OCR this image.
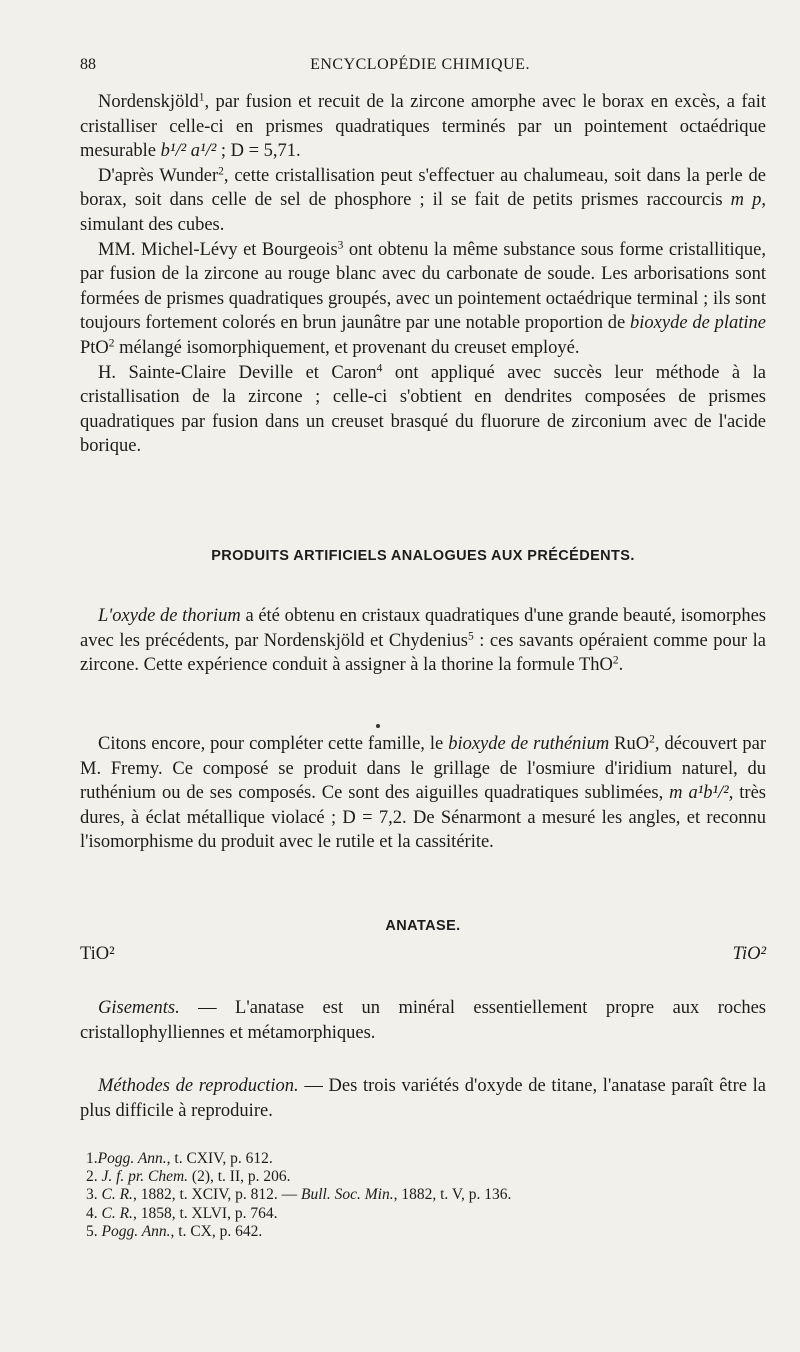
88	ENCYCLOPÉDIE CHIMIQUE.

Nordenskjöld$^1$, par fusion et recuit de la zircone amorphe avec le borax en excès, a fait cristalliser celle-ci en prismes quadratiques terminés par un pointement octaédrique mesurable b¹/² a¹/² ; D = 5,71.

D'après Wunder$^2$, cette cristallisation peut s'effectuer au chalumeau, soit dans la perle de borax, soit dans celle de sel de phosphore ; il se fait de petits prismes raccourcis m p, simulant des cubes.

MM. Michel-Lévy et Bourgeois$^3$ ont obtenu la même substance sous forme cristallitique, par fusion de la zircone au rouge blanc avec du carbonate de soude. Les arborisations sont formées de prismes quadratiques groupés, avec un pointement octaédrique terminal ; ils sont toujours fortement colorés en brun jaunâtre par une notable proportion de bioxyde de platine PtO$^2$ mélangé isomorphiquement, et provenant du creuset employé.

H. Sainte-Claire Deville et Caron$^4$ ont appliqué avec succès leur méthode à la cristallisation de la zircone ; celle-ci s'obtient en dendrites composées de prismes quadratiques par fusion dans un creuset brasqué du fluorure de zirconium avec de l'acide borique.

PRODUITS ARTIFICIELS ANALOGUES AUX PRÉCÉDENTS.

L'oxyde de thorium a été obtenu en cristaux quadratiques d'une grande beauté, isomorphes avec les précédents, par Nordenskjöld et Chydenius$^5$ : ces savants opéraient comme pour la zircone. Cette expérience conduit à assigner à la thorine la formule ThO$^2$.

Citons encore, pour compléter cette famille, le bioxyde de ruthénium RuO$^2$, découvert par M. Fremy. Ce composé se produit dans le grillage de l'osmiure d'iridium naturel, du ruthénium ou de ses composés. Ce sont des aiguilles quadratiques sublimées, m a¹b¹/², très dures, à éclat métallique violacé ; D = 7,2. De Sénarmont a mesuré les angles, et reconnu l'isomorphisme du produit avec le rutile et la cassitérite.

ANATASE.
TiO²	TiO²

Gisements. — L'anatase est un minéral essentiellement propre aux roches cristallophylliennes et métamorphiques.

Méthodes de reproduction. — Des trois variétés d'oxyde de titane, l'anatase paraît être la plus difficile à reproduire.

1.Pogg. Ann., t. CXIV, p. 612.
2. J. f. pr. Chem. (2), t. II, p. 206.
3. C. R., 1882, t. XCIV, p. 812. — Bull. Soc. Min., 1882, t. V, p. 136.
4. C. R., 1858, t. XLVI, p. 764.
5. Pogg. Ann., t. CX, p. 642.
